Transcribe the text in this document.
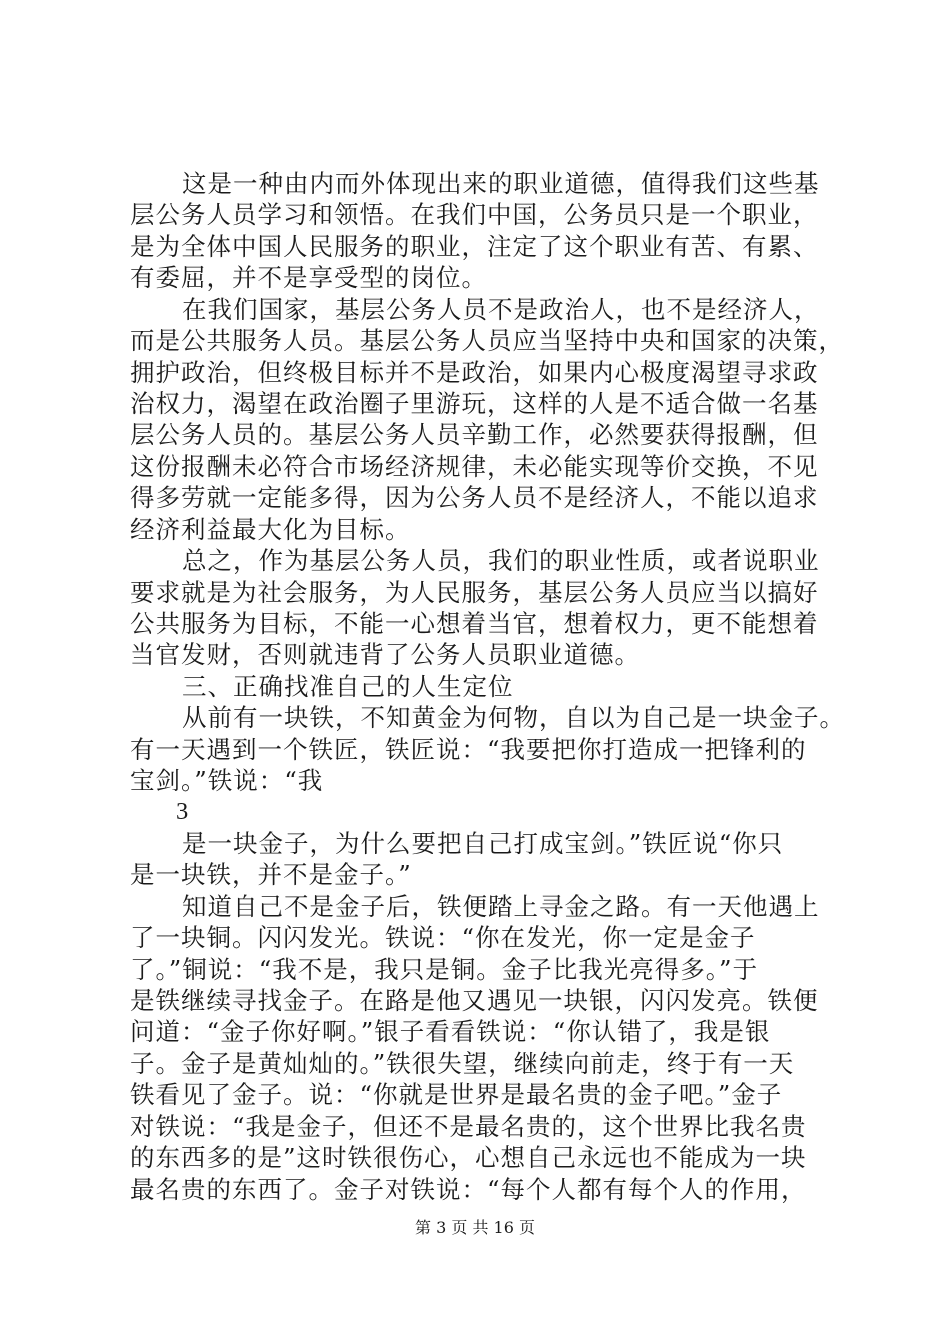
这是一种由内而外体现出来的职业道德，值得我们这些基
层公务人员学习和领悟。在我们中国，公务员只是一个职业，
是为全体中国人民服务的职业，注定了这个职业有苦、有累、
有委屈，并不是享受型的岗位。
在我们国家，基层公务人员不是政治人，也不是经济人，
而是公共服务人员。基层公务人员应当坚持中央和国家的决策，
拥护政治，但终极目标并不是政治，如果内心极度渴望寻求政
治权力，渴望在政治圈子里游玩，这样的人是不适合做一名基
层公务人员的。基层公务人员辛勤工作，必然要获得报酬，但
这份报酬未必符合市场经济规律，未必能实现等价交换，不见
得多劳就一定能多得，因为公务人员不是经济人，不能以追求
经济利益最大化为目标。
总之，作为基层公务人员，我们的职业性质，或者说职业
要求就是为社会服务，为人民服务，基层公务人员应当以搞好
公共服务为目标，不能一心想着当官，想着权力，更不能想着
当官发财，否则就违背了公务人员职业道德。
三、正确找准自己的人生定位
从前有一块铁，不知黄金为何物，自以为自己是一块金子。
有一天遇到一个铁匠，铁匠说：“我要把你打造成一把锋利的
宝剑。”铁说：“我
3
是一块金子，为什么要把自己打成宝剑。”铁匠说“你只
是一块铁，并不是金子。”
知道自己不是金子后，铁便踏上寻金之路。有一天他遇上
了一块铜。闪闪发光。铁说：“你在发光，你一定是金子
了。”铜说：“我不是，我只是铜。金子比我光亮得多。”于
是铁继续寻找金子。在路是他又遇见一块银，闪闪发亮。铁便
问道：“金子你好啊。”银子看看铁说：“你认错了，我是银
子。金子是黄灿灿的。”铁很失望，继续向前走，终于有一天
铁看见了金子。说：“你就是世界是最名贵的金子吧。”金子
对铁说：“我是金子，但还不是最名贵的，这个世界比我名贵
的东西多的是”这时铁很伤心，心想自己永远也不能成为一块
最名贵的东西了。金子对铁说：“每个人都有每个人的作用，
第 3 页 共 16 页
